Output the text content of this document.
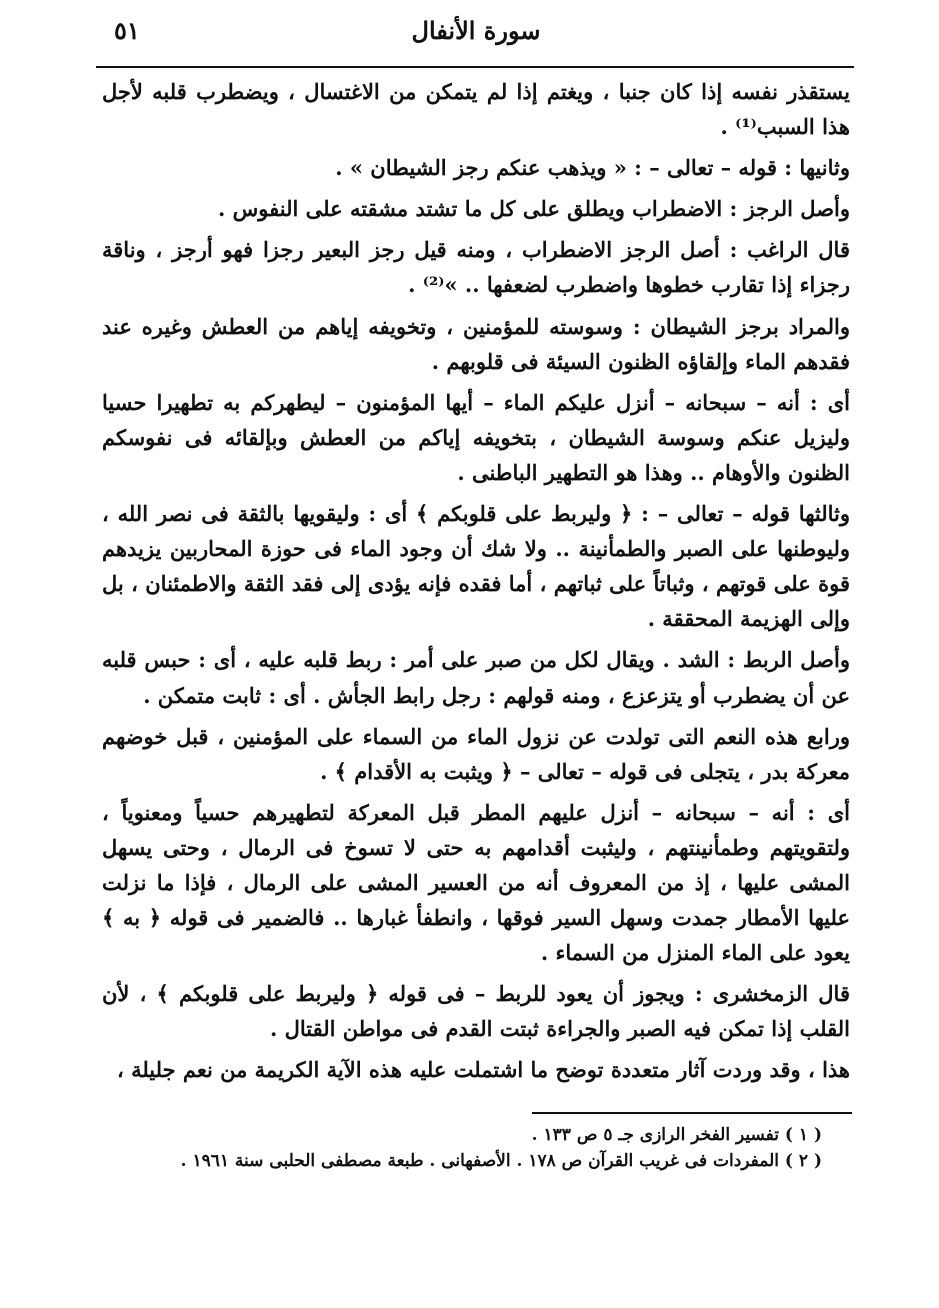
٥١	سورة الأنفال

يستقذر نفسه إذا كان جنبا ، ويغتم إذا لم يتمكن من الاغتسال ، ويضطرب قلبه لأجل هذا السبب⁽¹⁾ .

وثانيها : قوله – تعالى – : « ويذهب عنكم رجز الشيطان » .

وأصل الرجز : الاضطراب ويطلق على كل ما تشتد مشقته على النفوس .

قال الراغب : أصل الرجز الاضطراب ، ومنه قيل رجز البعير رجزا فهو أرجز ، وناقة رجزاء إذا تقارب خطوها واضطرب لضعفها .. »⁽²⁾ .

والمراد برجز الشيطان : وسوسته للمؤمنين ، وتخويفه إياهم من العطش وغيره عند فقدهم الماء وإلقاؤه الظنون السيئة فى قلوبهم .

أى : أنه – سبحانه – أنزل عليكم الماء – أيها المؤمنون – ليطهركم به تطهيرا حسيا وليزيل عنكم وسوسة الشيطان ، بتخويفه إياكم من العطش وبإلقائه فى نفوسكم الظنون والأوهام .. وهذا هو التطهير الباطنى .

وثالثها قوله – تعالى – : ﴿ وليربط على قلوبكم ﴾ أى : وليقويها بالثقة فى نصر الله ، وليوطنها على الصبر والطمأنينة .. ولا شك أن وجود الماء فى حوزة المحاربين يزيدهم قوة على قوتهم ، وثباتاً على ثباتهم ، أما فقده فإنه يؤدى إلى فقد الثقة والاطمئنان ، بل وإلى الهزيمة المحققة .

وأصل الربط : الشد . ويقال لكل من صبر على أمر : ربط قلبه عليه ، أى : حبس قلبه عن أن يضطرب أو يتزعزع ، ومنه قولهم : رجل رابط الجأش . أى : ثابت متمكن .

ورابع هذه النعم التى تولدت عن نزول الماء من السماء على المؤمنين ، قبل خوضهم معركة بدر ، يتجلى فى قوله – تعالى – ﴿ ويثبت به الأقدام ﴾ .

أى : أنه – سبحانه – أنزل عليهم المطر قبل المعركة لتطهيرهم حسياً ومعنوياً ، ولتقويتهم وطمأنينتهم ، وليثبت أقدامهم به حتى لا تسوخ فى الرمال ، وحتى يسهل المشى عليها ، إذ من المعروف أنه من العسير المشى على الرمال ، فإذا ما نزلت عليها الأمطار جمدت وسهل السير فوقها ، وانطفأ غبارها .. فالضمير فى قوله ﴿ به ﴾ يعود على الماء المنزل من السماء .

قال الزمخشرى : ويجوز أن يعود للربط – فى قوله ﴿ وليربط على قلوبكم ﴾ ، لأن القلب إذا تمكن فيه الصبر والجراءة ثبتت القدم فى مواطن القتال .

هذا ، وقد وردت آثار متعددة توضح ما اشتملت عليه هذه الآية الكريمة من نعم جليلة ،

( ١ ) تفسير الفخر الرازى جـ ٥ ص ١٣٣ .
( ٢ ) المفردات فى غريب القرآن ص ١٧٨ . الأصفهانى . طبعة مصطفى الحلبى سنة ١٩٦١ .
